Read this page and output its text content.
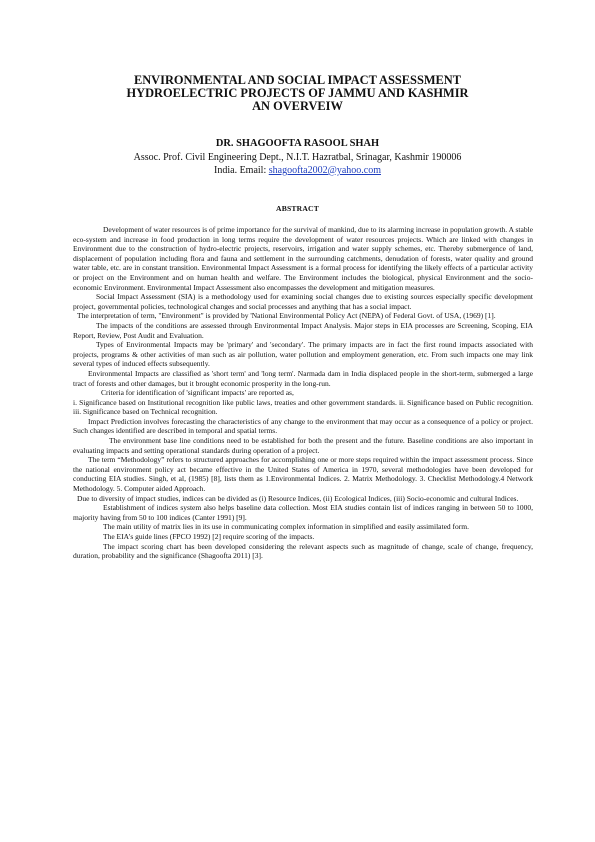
ENVIRONMENTAL AND SOCIAL IMPACT ASSESSMENT
HYDROELECTRIC PROJECTS OF JAMMU AND KASHMIR
AN OVERVEIW
DR. SHAGOOFTA RASOOL SHAH
Assoc. Prof. Civil Engineering Dept., N.I.T. Hazratbal, Srinagar, Kashmir 190006
India. Email: shagoofta2002@yahoo.com
ABSTRACT

Development of water resources is of prime importance for the survival of mankind, due to its alarming increase in population growth. A stable eco-system and increase in food production in long terms require the development of water resources projects. Which are linked with changes in Environment due to the construction of hydro-electric projects, reservoirs, irrigation and water supply schemes, etc. Thereby submergence of land, displacement of population including flora and fauna and settlement in the surrounding catchments, denudation of forests, water quality and ground water table, etc. are in constant transition. Environmental Impact Assessment is a formal process for identifying the likely effects of a particular activity or project on the Environment and on human health and welfare. The Environment includes the biological, physical Environment and the socio-economic Environment. Environmental Impact Assessment also encompasses the development and mitigation measures.

Social Impact Assessment (SIA) is a methodology used for examining social changes due to existing sources especially specific development project, governmental policies, technological changes and social processes and anything that has a social impact.

The interpretation of term, "Environment" is provided by 'National Environmental Policy Act (NEPA) of Federal Govt. of USA, (1969) [1].

The impacts of the conditions are assessed through Environmental Impact Analysis. Major steps in EIA processes are Screening, Scoping, EIA Report, Review, Post Audit and Evaluation.

Types of Environmental Impacts may be 'primary' and 'secondary'. The primary impacts are in fact the first round impacts associated with projects, programs & other activities of man such as air pollution, water pollution and employment generation, etc. From such impacts one may link several types of induced effects subsequently.

Environmental Impacts are classified as 'short term' and 'long term'. Narmada dam in India displaced people in the short-term, submerged a large tract of forests and other damages, but it brought economic prosperity in the long-run.

Criteria for identification of 'significant impacts' are reported as,

i. Significance based on Institutional recognition like public laws, treaties and other government standards. ii. Significance based on Public recognition. iii. Significance based on Technical recognition.

Impact Prediction involves forecasting the characteristics of any change to the environment that may occur as a consequence of a policy or project. Such changes identified are described in temporal and spatial terms.

The environment base line conditions need to be established for both the present and the future. Baseline conditions are also important in evaluating impacts and setting operational standards during operation of a project.

The term “Methodology” refers to structured approaches for accomplishing one or more steps required within the impact assessment process. Since the national environment policy act became effective in the United States of America in 1970, several methodologies have been developed for conducting EIA studies. Singh, et al, (1985) [8], lists them as 1.Environmental Indices. 2. Matrix Methodology. 3. Checklist Methodology.4 Network Methodology. 5. Computer aided Approach.

Due to diversity of impact studies, indices can be divided as (i) Resource Indices, (ii) Ecological Indices, (iii) Socio-economic and cultural Indices.

Establishment of indices system also helps baseline data collection. Most EIA studies contain list of indices ranging in between 50 to 1000, majority having from 50 to 100 indices (Canter 1991) [9].

The main utility of matrix lies in its use in communicating complex information in simplified and easily assimilated form.

The EIA's guide lines (FPCO 1992) [2] require scoring of the impacts.

The impact scoring chart has been developed considering the relevant aspects such as magnitude of change, scale of change, frequency, duration, probability and the significance (Shagoofta 2011) [3].
